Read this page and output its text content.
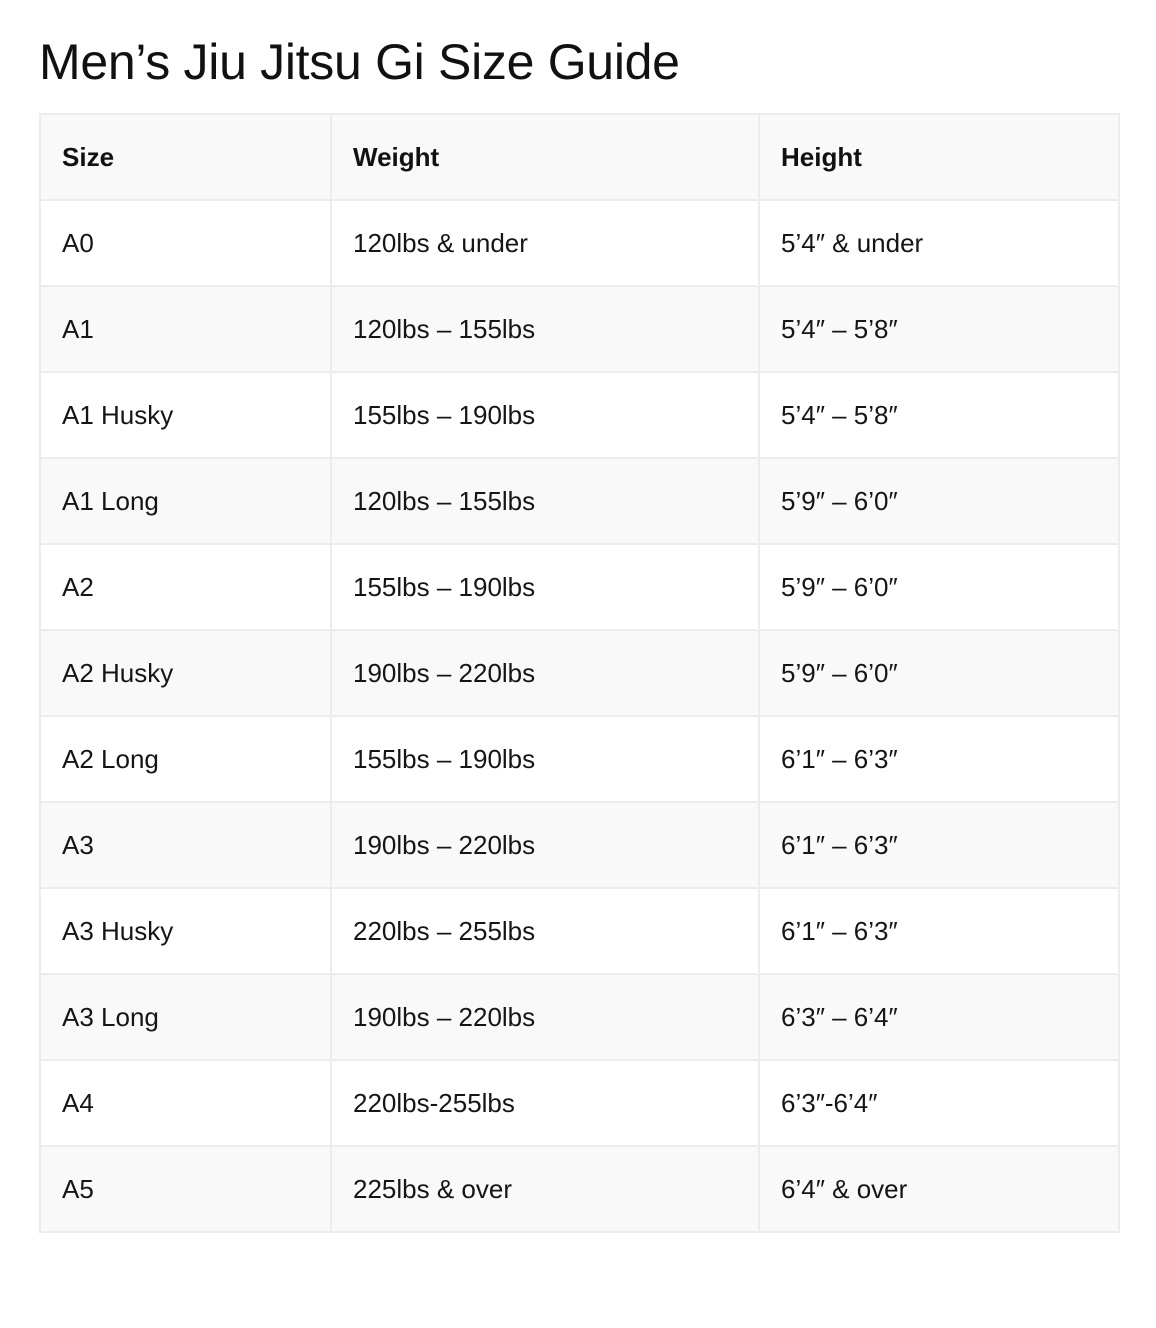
Men’s Jiu Jitsu Gi Size Guide
Size	Weight	Height
A0	120lbs & under	5’4″ & under
A1	120lbs – 155lbs	5’4″ – 5’8″
A1 Husky	155lbs – 190lbs	5’4″ – 5’8″
A1 Long	120lbs – 155lbs	5’9″ – 6’0″
A2	155lbs – 190lbs	5’9″ – 6’0″
A2 Husky	190lbs – 220lbs	5’9″ – 6’0″
A2 Long	155lbs – 190lbs	6’1″ – 6’3″
A3	190lbs – 220lbs	6’1″ – 6’3″
A3 Husky	220lbs – 255lbs	6’1″ – 6’3″
A3 Long	190lbs – 220lbs	6’3″ – 6’4″
A4	220lbs-255lbs	6’3″-6’4″
A5	225lbs & over	6’4″ & over
